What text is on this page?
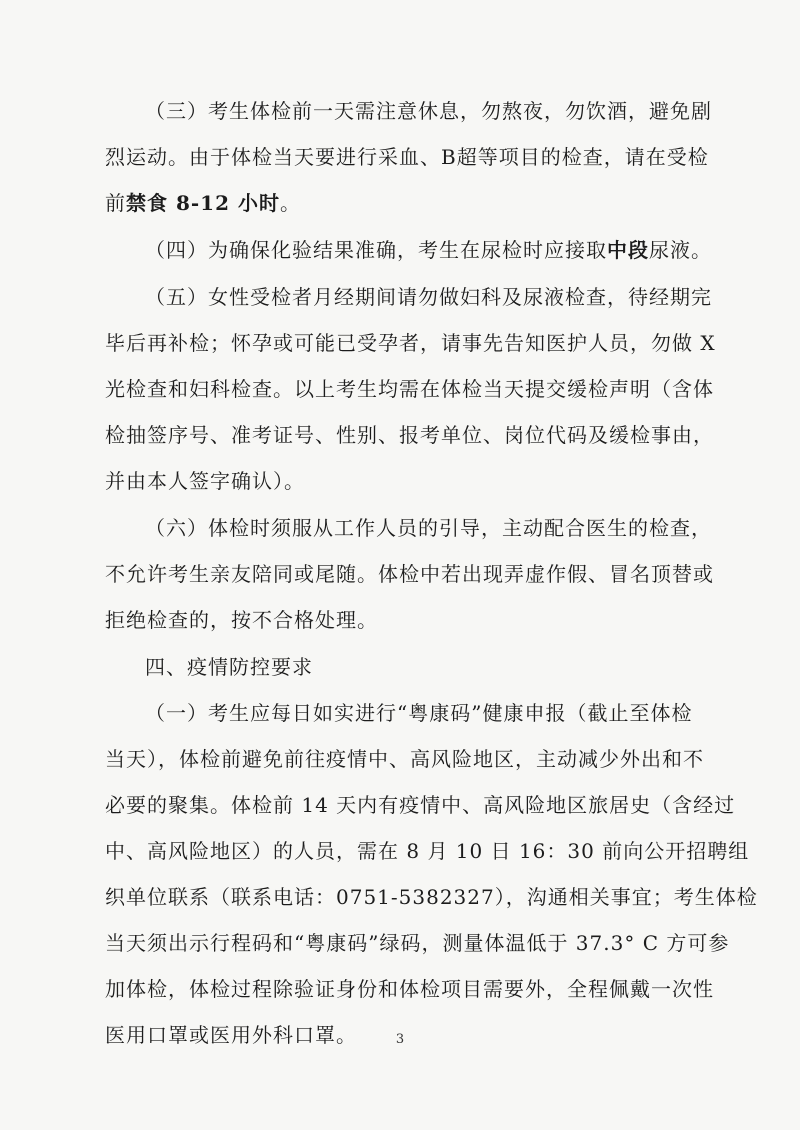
（三）考生体检前一天需注意休息，勿熬夜，勿饮酒，避免剧
烈运动。由于体检当天要进行采血、B超等项目的检查，请在受检
前禁食 8-12 小时。
（四）为确保化验结果准确，考生在尿检时应接取中段尿液。
（五）女性受检者月经期间请勿做妇科及尿液检查，待经期完
毕后再补检；怀孕或可能已受孕者，请事先告知医护人员，勿做 X
光检查和妇科检查。以上考生均需在体检当天提交缓检声明（含体
检抽签序号、准考证号、性别、报考单位、岗位代码及缓检事由，
并由本人签字确认）。
（六）体检时须服从工作人员的引导，主动配合医生的检查，
不允许考生亲友陪同或尾随。体检中若出现弄虚作假、冒名顶替或
拒绝检查的，按不合格处理。
四、疫情防控要求
（一）考生应每日如实进行“粤康码”健康申报（截止至体检
当天），体检前避免前往疫情中、高风险地区，主动减少外出和不
必要的聚集。体检前 14 天内有疫情中、高风险地区旅居史（含经过
中、高风险地区）的人员，需在 8 月 10 日 16：30 前向公开招聘组
织单位联系（联系电话：0751-5382327），沟通相关事宜；考生体检
当天须出示行程码和“粤康码”绿码，测量体温低于 37.3° C 方可参
加体检，体检过程除验证身份和体检项目需要外，全程佩戴一次性
医用口罩或医用外科口罩。	3
